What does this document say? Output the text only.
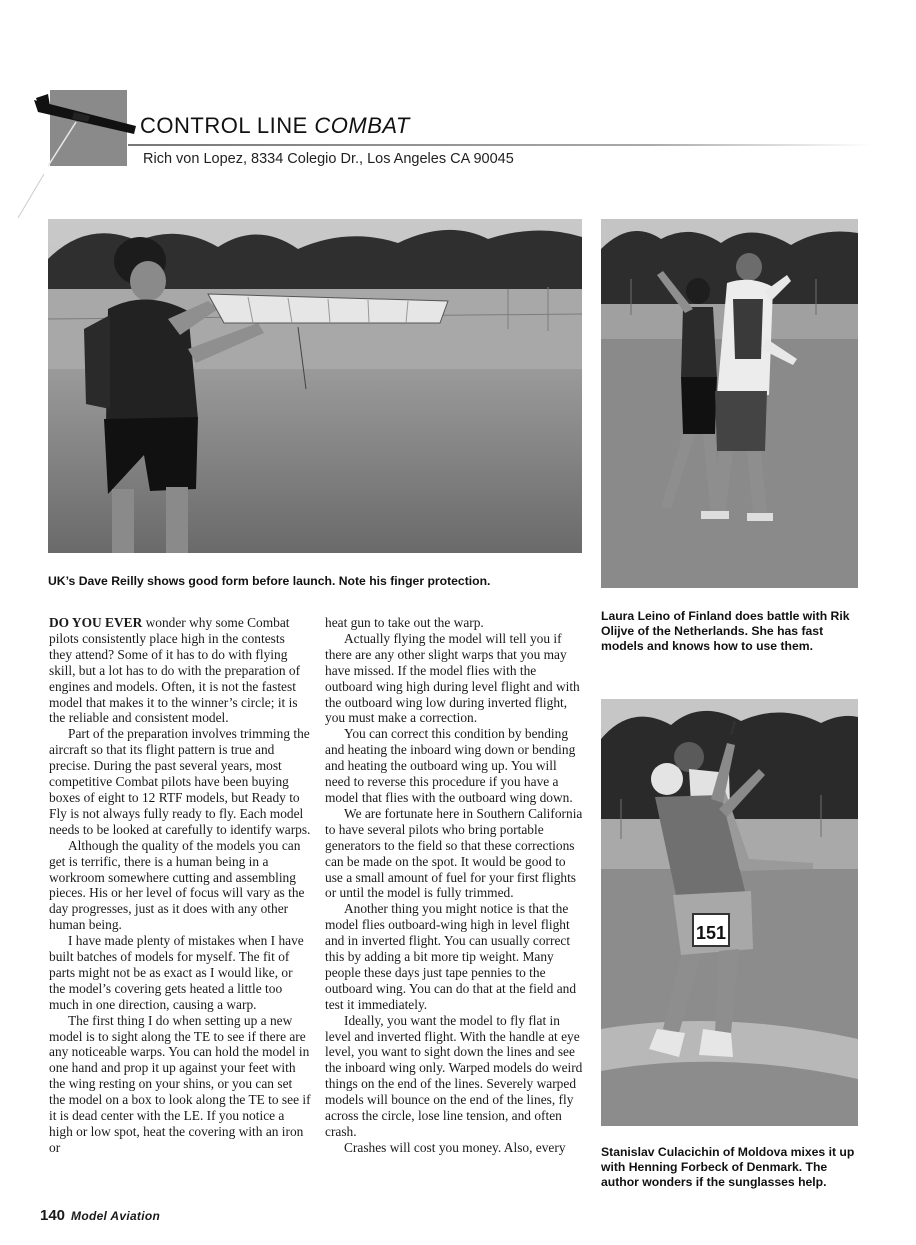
CONTROL LINE COMBAT
Rich von Lopez, 8334 Colegio Dr., Los Angeles CA 90045
UK’s Dave Reilly shows good form before launch. Note his finger protection.
Laura Leino of Finland does battle with Rik Olijve of the Netherlands. She has fast models and knows how to use them.
151
Stanislav Culacichin of Moldova mixes it up with Henning Forbeck of Denmark. The author wonders if the sunglasses help.

DO YOU EVER wonder why some Combat pilots consistently place high in the contests they attend? Some of it has to do with flying skill, but a lot has to do with the preparation of engines and models. Often, it is not the fastest model that makes it to the winner’s circle; it is the reliable and consistent model.

Part of the preparation involves trimming the aircraft so that its flight pattern is true and precise. During the past several years, most competitive Combat pilots have been buying boxes of eight to 12 RTF models, but Ready to Fly is not always fully ready to fly. Each model needs to be looked at carefully to identify warps.

Although the quality of the models you can get is terrific, there is a human being in a workroom somewhere cutting and assembling pieces. His or her level of focus will vary as the day progresses, just as it does with any other human being.

I have made plenty of mistakes when I have built batches of models for myself. The fit of parts might not be as exact as I would like, or the model’s covering gets heated a little too much in one direction, causing a warp.

The first thing I do when setting up a new model is to sight along the TE to see if there are any noticeable warps. You can hold the model in one hand and prop it up against your feet with the wing resting on your shins, or you can set the model on a box to look along the TE to see if it is dead center with the LE. If you notice a high or low spot, heat the covering with an iron or

heat gun to take out the warp.

Actually flying the model will tell you if there are any other slight warps that you may have missed. If the model flies with the outboard wing high during level flight and with the outboard wing low during inverted flight, you must make a correction.

You can correct this condition by bending and heating the inboard wing down or bending and heating the outboard wing up. You will need to reverse this procedure if you have a model that flies with the outboard wing down.

We are fortunate here in Southern California to have several pilots who bring portable generators to the field so that these corrections can be made on the spot. It would be good to use a small amount of fuel for your first flights or until the model is fully trimmed.

Another thing you might notice is that the model flies outboard-wing high in level flight and in inverted flight. You can usually correct this by adding a bit more tip weight. Many people these days just tape pennies to the outboard wing. You can do that at the field and test it immediately.

Ideally, you want the model to fly flat in level and inverted flight. With the handle at eye level, you want to sight down the lines and see the inboard wing only. Warped models do weird things on the end of the lines. Severely warped models will bounce on the end of the lines, fly across the circle, lose line tension, and often crash.

Crashes will cost you money. Also, every

140 Model Aviation
